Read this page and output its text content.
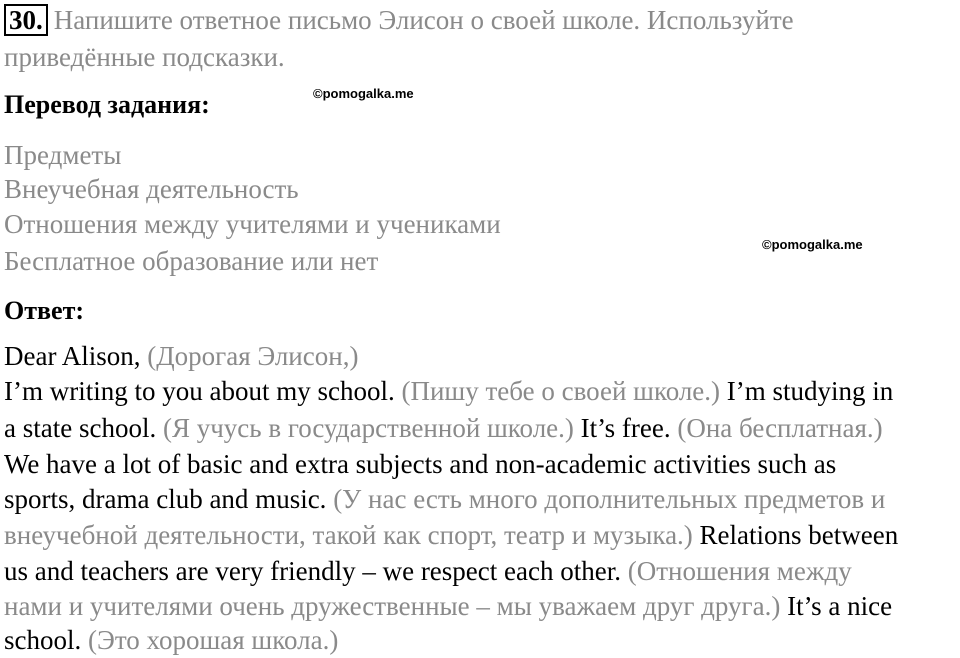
30. Напишите ответное письмо Элисон о своей школе. Используйте
приведённые подсказки.
Перевод задания:	©pomogalka.me
Предметы
Внеучебная деятельность
Отношения между учителями и учениками
Бесплатное образование или нет
©pomogalka.me
Ответ:
Dear Alison, (Дорогая Элисон,)
I’m writing to you about my school. (Пишу тебе о своей школе.) I’m studying in
a state school. (Я учусь в государственной школе.) It’s free. (Она бесплатная.)
We have a lot of basic and extra subjects and non-academic activities such as
sports, drama club and music. (У нас есть много дополнительных предметов и
внеучебной деятельности, такой как спорт, театр и музыка.) Relations between
us and teachers are very friendly – we respect each other. (Отношения между
нами и учителями очень дружественные – мы уважаем друг друга.) It’s a nice
school. (Это хорошая школа.)
